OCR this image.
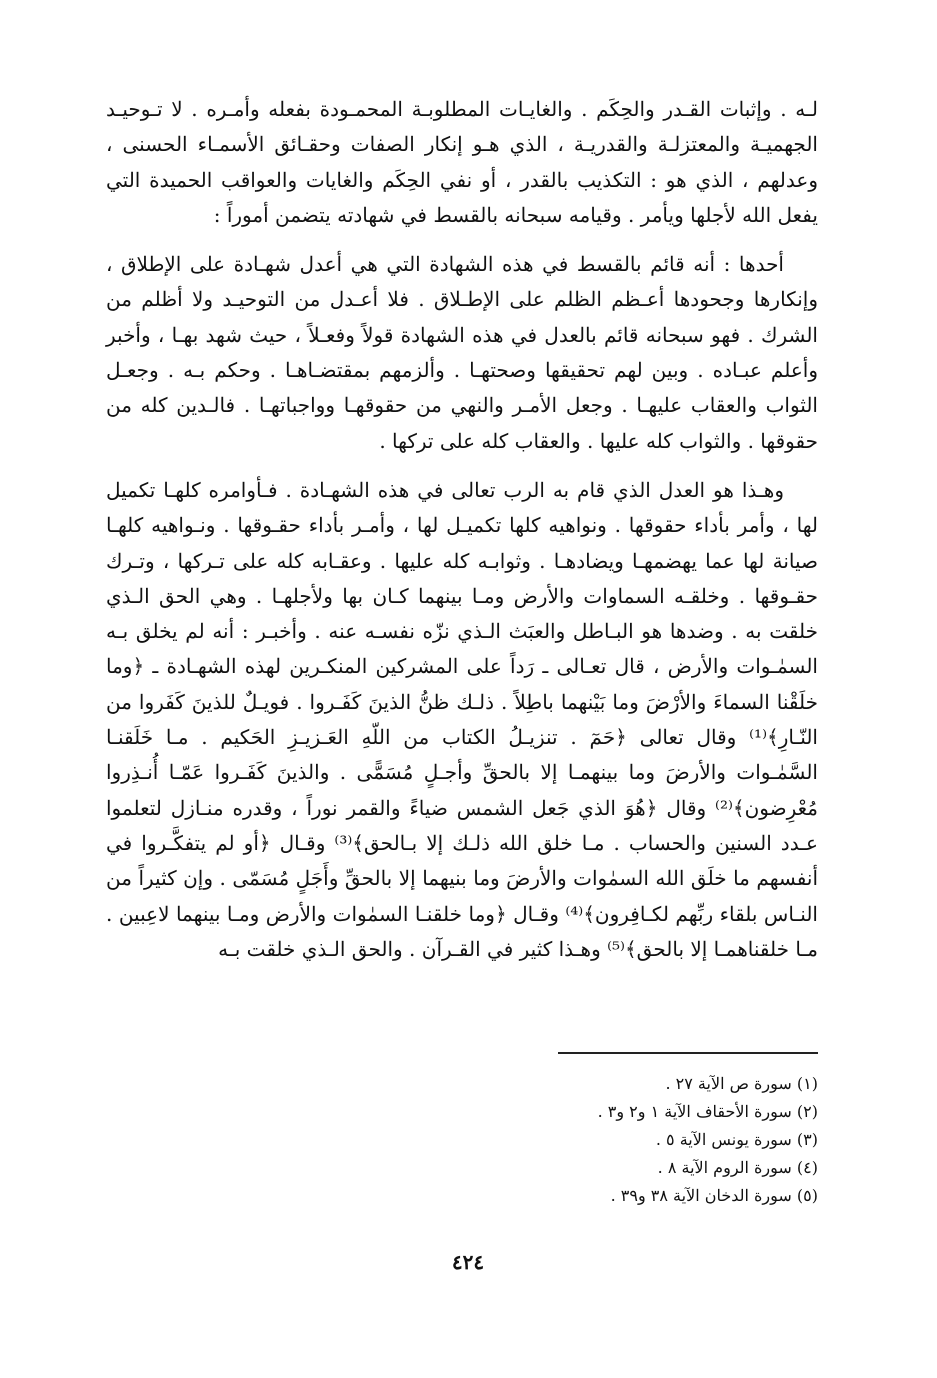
لـه . وإثبات القـدر والحِكَم . والغايـات المطلوبـة المحمـودة بفعله وأمـره . لا تـوحيـد الجهميـة والمعتزلـة والقدريـة ، الذي هـو إنكار الصفات وحقـائق الأسمـاء الحسنى ، وعدلهم ، الذي هو : التكذيب بالقدر ، أو نفي الحِكَم والغايات والعواقب الحميدة التي يفعل الله لأجلها ويأمر . وقيامه سبحانه بالقسط في شهادته يتضمن أموراً :

أحدها : أنه قائم بالقسط في هذه الشهادة التي هي أعدل شهـادة على الإطلاق ، وإنكارها وجحودها أعـظم الظلم على الإطـلاق . فلا أعـدل من التوحيـد ولا أظلم من الشرك . فهو سبحانه قائم بالعدل في هذه الشهادة قولاً وفعـلاً ، حيث شهد بهـا ، وأخبر وأعلم عبـاده . وبين لهم تحقيقها وصحتهـا . وألزمهم بمقتضـاهـا . وحكم بـه . وجعـل الثواب والعقاب عليهـا . وجعل الأمـر والنهي من حقوقهـا وواجباتهـا . فالـدين كله من حقوقها . والثواب كله عليها . والعقاب كله على تركها .

وهـذا هو العدل الذي قام به الرب تعالى في هذه الشهـادة . فـأوامره كلهـا تكميل لها ، وأمر بأداء حقوقها . ونواهيه كلها تكميـل لها ، وأمـر بأداء حقـوقها . ونـواهيه كلهـا صيانة لها عما يهضمهـا ويضادهـا . وثوابـه كله عليها . وعقـابه كله على تـركها ، وتـرك حقـوقها . وخلقـه السماوات والأرض ومـا بينهما كـان بها ولأجلهـا . وهي الحق الـذي خلقت به . وضدها هو البـاطل والعبَث الـذي نزّه نفسـه عنه . وأخبـر : أنه لم يخلق بـه السمٰـوات والأرض ، قال تعـالى ـ رَداً على المشركين المنكـرين لهذه الشهـادة ـ ﴿وما خلَقْنا السماءَ والأرْضَ وما بَيْنهما باطِلاً . ذلـك ظنُّ الذينَ كَفَـروا . فويـلٌ للذينَ كَفَروا من النّـارِ﴾⁽¹⁾ وقال تعالى ﴿حَمٓ . تنزيـلُ الكتاب من اللّهِ العَـزيـزِ الحَكيم . مـا خَلَقنـا السَّمٰـوات والأرضَ وما بينهمـا إلا بالحقِّ وأجـلٍ مُسَمًّى . والذينَ كَفَـروا عَمّـا أُنـذِروا مُعْرِضون﴾⁽²⁾ وقال ﴿هُوَ الذي جَعل الشمس ضياءً والقمر نوراً ، وقدره منـازل لتعلموا عـدد السنين والحساب . مـا خلق الله ذلـك إلا بـالحق﴾⁽³⁾ وقـال ﴿أو لم يتفكَّـروا في أنفسهم ما خلَق الله السمٰوات والأرضَ وما بنيهما إلا بالحقِّ وأَجَلٍ مُسَمّى . وإن كثيراً من النـاس بلقاء ربِّهم لكـافِرون﴾⁽⁴⁾ وقـال ﴿وما خلقنـا السمٰوات والأرض ومـا بينهما لاعِبين . مـا خلقناهمـا إلا بالحق﴾⁽⁵⁾ وهـذا كثير في القـرآن . والحق الـذي خلقت بـه

(١) سورة ص الآية ٢٧ .

(٢) سورة الأحقاف الآية ١ و٢ و٣ .

(٣) سورة يونس الآية ٥ .

(٤) سورة الروم الآية ٨ .

(٥) سورة الدخان الآية ٣٨ و٣٩ .

٤٢٤
